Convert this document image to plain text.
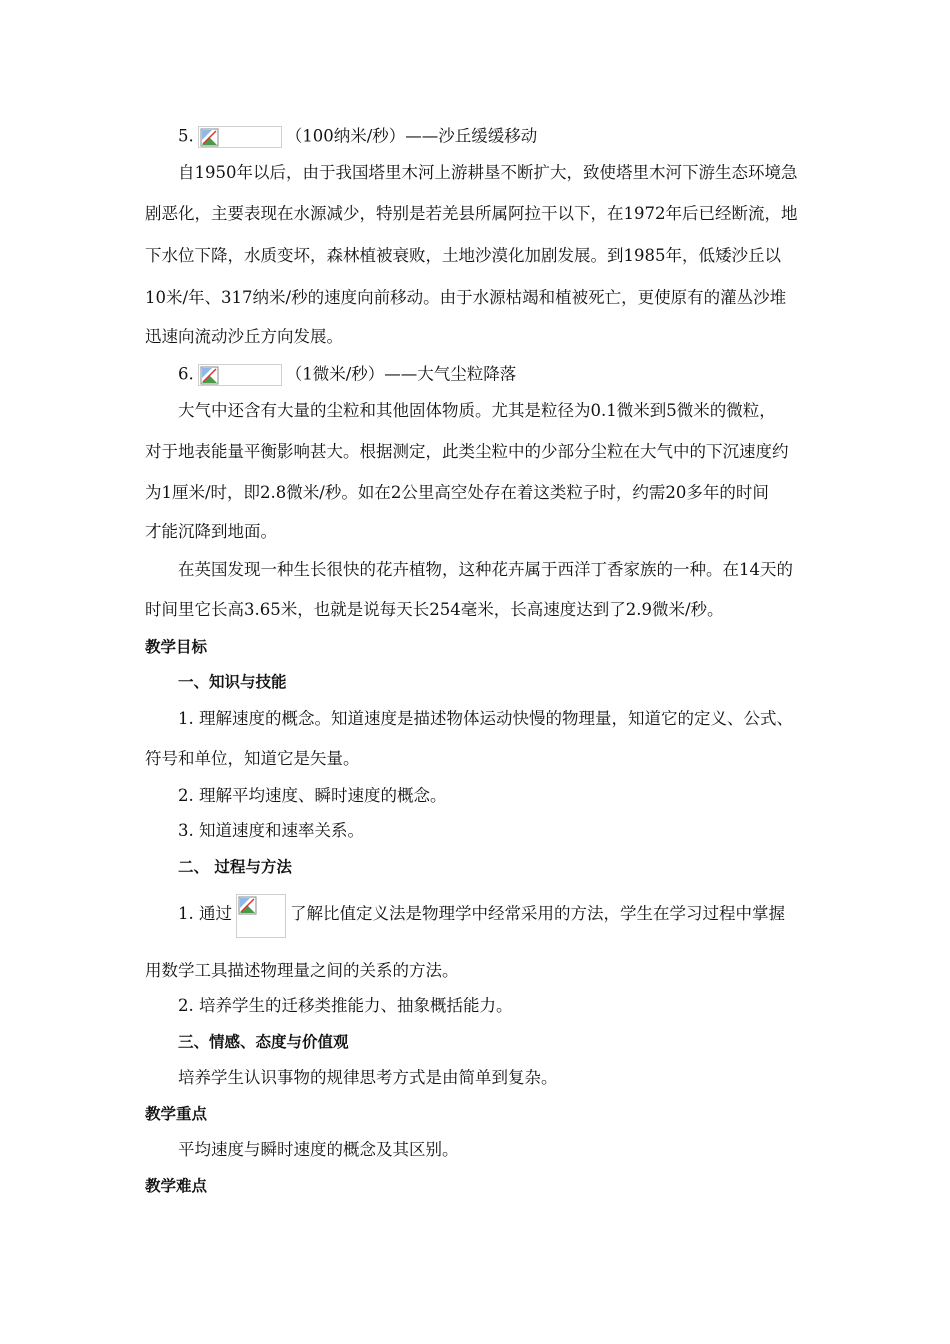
5.	（100纳米/秒）——沙丘缓缓移动
自1950年以后，由于我国塔里木河上游耕垦不断扩大，致使塔里木河下游生态环境急
剧恶化，主要表现在水源减少，特别是若羌县所属阿拉干以下，在1972年后已经断流，地
下水位下降，水质变坏，森林植被衰败，土地沙漠化加剧发展。到1985年，低矮沙丘以
10米/年、317纳米/秒的速度向前移动。由于水源枯竭和植被死亡，更使原有的灌丛沙堆
迅速向流动沙丘方向发展。
6.	（1微米/秒）——大气尘粒降落
大气中还含有大量的尘粒和其他固体物质。尤其是粒径为0.1微米到5微米的微粒，
对于地表能量平衡影响甚大。根据测定，此类尘粒中的少部分尘粒在大气中的下沉速度约
为1厘米/时，即2.8微米/秒。如在2公里高空处存在着这类粒子时，约需20多年的时间
才能沉降到地面。
在英国发现一种生长很快的花卉植物，这种花卉属于西洋丁香家族的一种。在14天的
时间里它长高3.65米，也就是说每天长254毫米，长高速度达到了2.9微米/秒。
教学目标
一、知识与技能
1. 理解速度的概念。知道速度是描述物体运动快慢的物理量，知道它的定义、公式、
符号和单位，知道它是矢量。
2. 理解平均速度、瞬时速度的概念。
3. 知道速度和速率关系。
二、 过程与方法
1. 通过	了解比值定义法是物理学中经常采用的方法，学生在学习过程中掌握
用数学工具描述物理量之间的关系的方法。
2. 培养学生的迁移类推能力、抽象概括能力。
三、情感、态度与价值观
培养学生认识事物的规律思考方式是由简单到复杂。
教学重点
平均速度与瞬时速度的概念及其区别。
教学难点
